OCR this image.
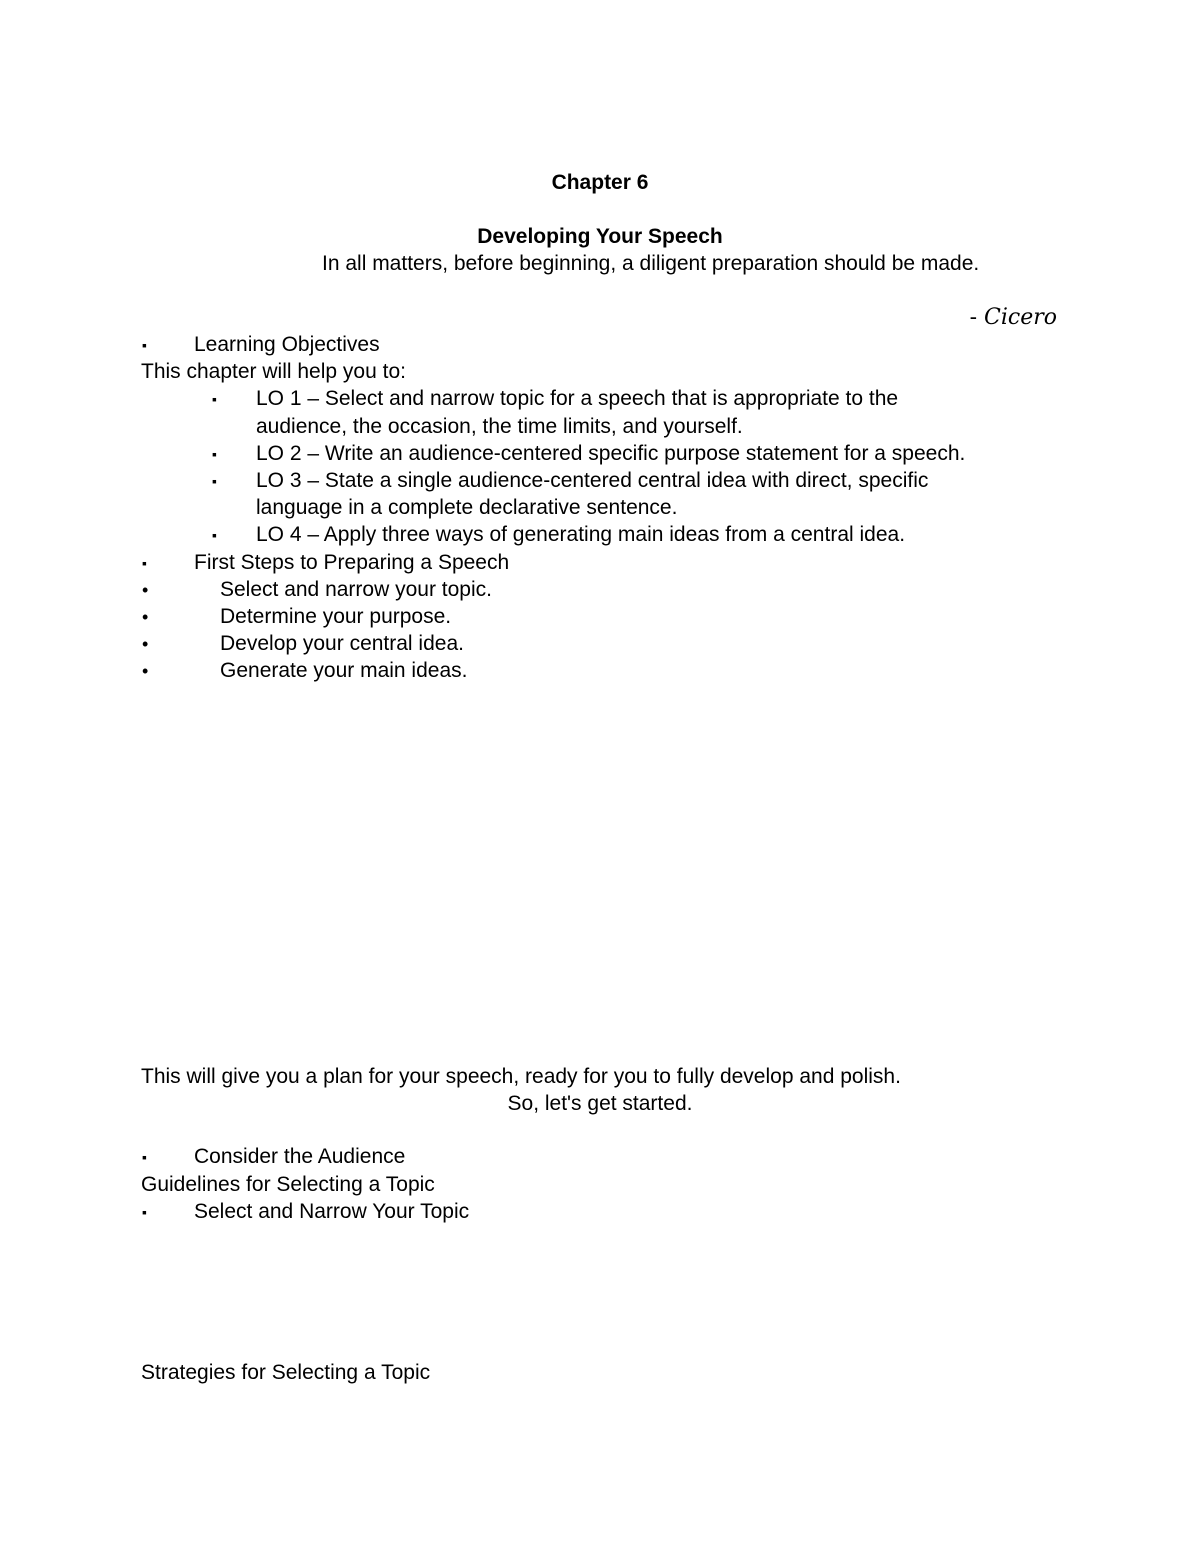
Chapter 6
Developing Your Speech
In all matters, before beginning, a diligent preparation should be made.
- Cicero
▪ Learning Objectives
This chapter will help you to:
▪ LO 1 – Select and narrow topic for a speech that is appropriate to the
audience, the occasion, the time limits, and yourself.
▪ LO 2 – Write an audience-centered specific purpose statement for a speech.
▪ LO 3 – State a single audience-centered central idea with direct, specific
language in a complete declarative sentence.
▪ LO 4 – Apply three ways of generating main ideas from a central idea.
▪ First Steps to Preparing a Speech
•	Select and narrow your topic.
•	Determine your purpose.
•	Develop your central idea.
•	Generate your main ideas.
This will give you a plan for your speech, ready for you to fully develop and polish.
So, let's get started.
▪ Consider the Audience
Guidelines for Selecting a Topic
▪ Select and Narrow Your Topic
Strategies for Selecting a Topic
